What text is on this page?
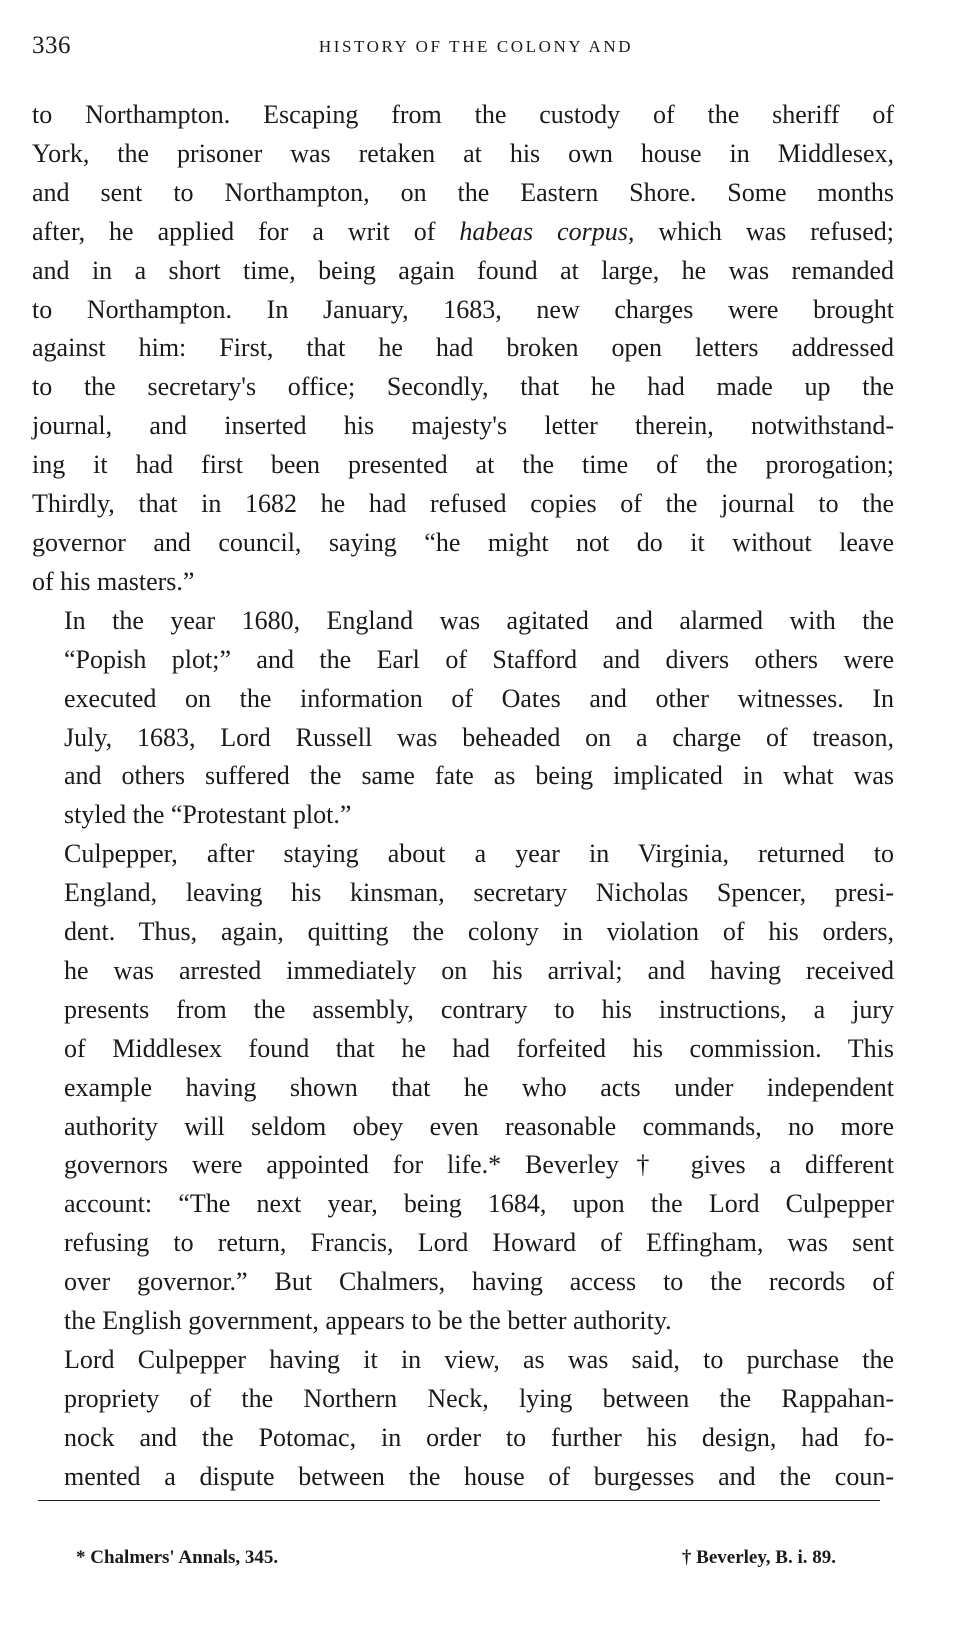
336	HISTORY OF THE COLONY AND
to Northampton. Escaping from the custody of the sheriff of
York, the prisoner was retaken at his own house in Middlesex,
and sent to Northampton, on the Eastern Shore. Some months
after, he applied for a writ of habeas corpus, which was refused;
and in a short time, being again found at large, he was remanded
to Northampton. In January, 1683, new charges were brought
against him: First, that he had broken open letters addressed
to the secretary's office; Secondly, that he had made up the
journal, and inserted his majesty's letter therein, notwithstand-
ing it had first been presented at the time of the prorogation;
Thirdly, that in 1682 he had refused copies of the journal to the
governor and council, saying “he might not do it without leave
of his masters.”
In the year 1680, England was agitated and alarmed with the
“Popish plot;” and the Earl of Stafford and divers others were
executed on the information of Oates and other witnesses. In
July, 1683, Lord Russell was beheaded on a charge of treason,
and others suffered the same fate as being implicated in what was
styled the “Protestant plot.”
Culpepper, after staying about a year in Virginia, returned to
England, leaving his kinsman, secretary Nicholas Spencer, presi-
dent. Thus, again, quitting the colony in violation of his orders,
he was arrested immediately on his arrival; and having received
presents from the assembly, contrary to his instructions, a jury
of Middlesex found that he had forfeited his commission. This
example having shown that he who acts under independent
authority will seldom obey even reasonable commands, no more
governors were appointed for life.* Beverley† gives a different
account: “The next year, being 1684, upon the Lord Culpepper
refusing to return, Francis, Lord Howard of Effingham, was sent
over governor.” But Chalmers, having access to the records of
the English government, appears to be the better authority.
Lord Culpepper having it in view, as was said, to purchase the
propriety of the Northern Neck, lying between the Rappahan-
nock and the Potomac, in order to further his design, had fo-
mented a dispute between the house of burgesses and the coun-
* Chalmers' Annals, 345.	† Beverley, B. i. 89.
